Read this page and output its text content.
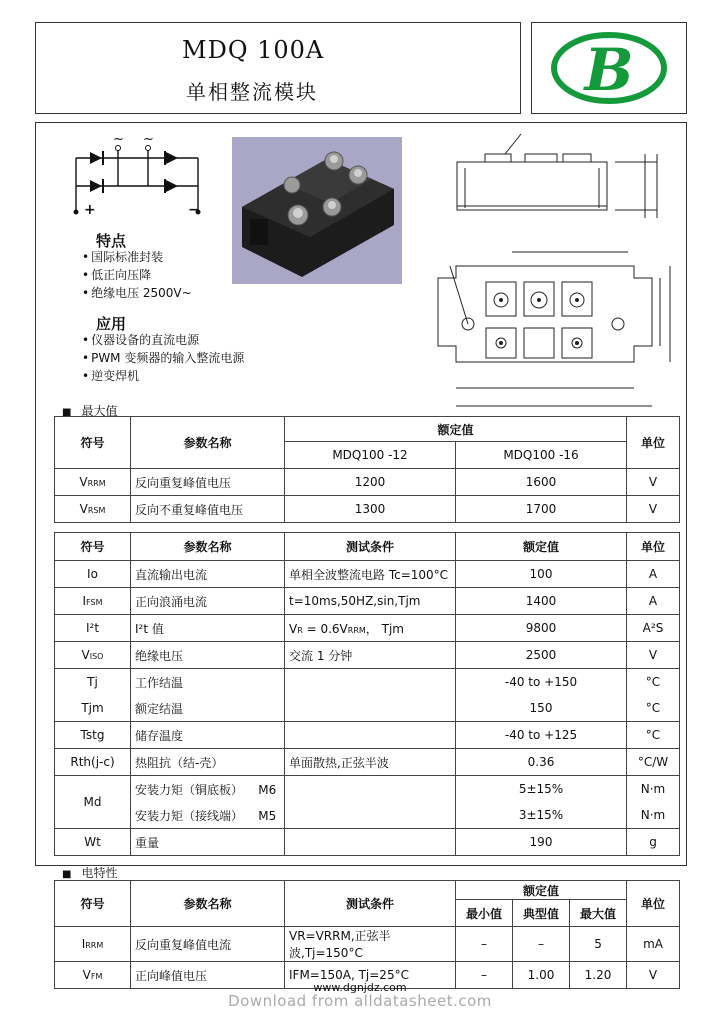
MDQ 100A
单相整流模块	B
~ ~
+	−
特点
• 国际标准封装
• 低正向压降
• 绝缘电压 2500V~
应用
• 仪器设备的直流电源
• PWM 变频器的输入整流电源
• 逆变焊机
■ 最大值
符号	参数名称	额定值		单位
		MDQ100 -12	MDQ100 -16	
VRRM	反向重复峰值电压	1200	1600	V
VRSM	反向不重复峰值电压	1300	1700	V
符号	参数名称	测试条件	额定值	单位
Io	直流输出电流	单相全波整流电路 Tc=100°C	100	A
IFSM	正向浪涌电流	t=10ms,50HZ,sin,Tjm	1400	A
I²t	I²t 值	VR = 0.6VRRM， Tjm	9800	A²S
VISO	绝缘电压	交流 1 分钟	2500	V
Tj	工作结温		-40 to +150	°C
Tjm	额定结温		150	°C
Tstg	储存温度		-40 to +125	°C
Rth(j-c)	热阻抗（结-壳）	单面散热,正弦半波	0.36	°C/W
Md	安装力矩（铜底板）    M6		5±15%	N·m
	安装力矩（接线端）    M5		3±15%	N·m
Wt	重量		190	g
■ 电特性
符号	参数名称	测试条件	额定值			单位
			最小值	典型值	最大值	
IRRM	反向重复峰值电流	VR=VRRM,正弦半波,Tj=150°C	–	–	5	mA
VFM	正向峰值电压	IFM=150A, Tj=25°C	–	1.00	1.20	V
www.dgnjdz.com
Download from alldatasheet.com
